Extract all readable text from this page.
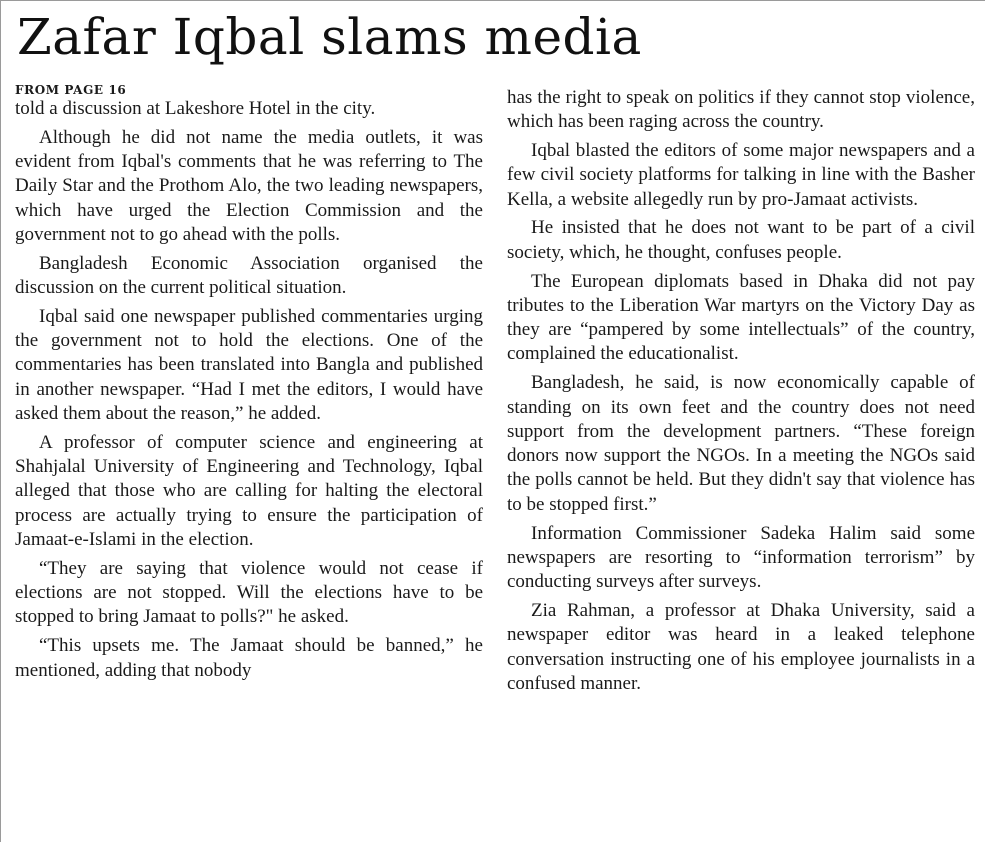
Zafar Iqbal slams media
FROM PAGE 16

told a discussion at Lakeshore Hotel in the city.

Although he did not name the media outlets, it was evident from Iqbal's comments that he was referring to The Daily Star and the Prothom Alo, the two leading newspapers, which have urged the Election Commission and the government not to go ahead with the polls.

Bangladesh Economic Association organised the discussion on the current political situation.

Iqbal said one newspaper published commentaries urging the government not to hold the elections. One of the commentaries has been translated into Bangla and published in another newspaper. “Had I met the editors, I would have asked them about the reason,” he added.

A professor of computer science and engineering at Shahjalal University of Engineering and Technology, Iqbal alleged that those who are calling for halting the electoral process are actually trying to ensure the participation of Jamaat-e-Islami in the election.

“They are saying that violence would not cease if elections are not stopped. Will the elections have to be stopped to bring Jamaat to polls?" he asked.

“This upsets me. The Jamaat should be banned,” he mentioned, adding that nobody

has the right to speak on politics if they cannot stop violence, which has been raging across the country.

Iqbal blasted the editors of some major newspapers and a few civil society platforms for talking in line with the Basher Kella, a website allegedly run by pro-Jamaat activists.

He insisted that he does not want to be part of a civil society, which, he thought, confuses people.

The European diplomats based in Dhaka did not pay tributes to the Liberation War martyrs on the Victory Day as they are “pampered by some intellectuals” of the country, complained the educationalist.

Bangladesh, he said, is now economically capable of standing on its own feet and the country does not need support from the development partners. “These foreign donors now support the NGOs. In a meeting the NGOs said the polls cannot be held. But they didn't say that violence has to be stopped first.”

Information Commissioner Sadeka Halim said some newspapers are resorting to “information terrorism” by conducting surveys after surveys.

Zia Rahman, a professor at Dhaka University, said a newspaper editor was heard in a leaked telephone conversation instructing one of his employee journalists in a confused manner.
